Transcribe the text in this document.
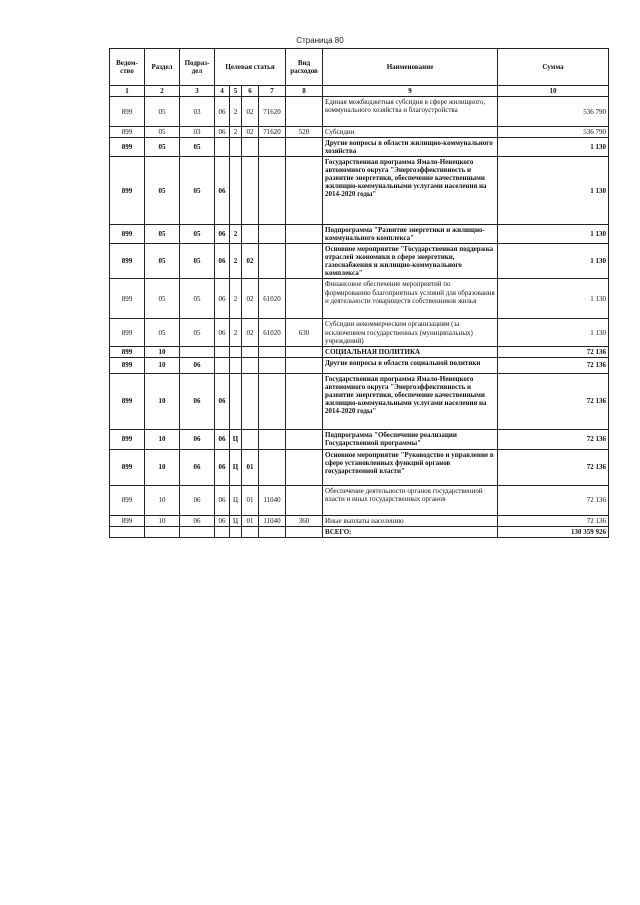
Страница 80
Ведом-ство	Раздел	Подраз-дел	Целевая статья				Вид расходов	Наименование	Сумма
1	2	3	4	5	6	7	8	9	10
899	05	03	06	2	02	71620		Единая межбюджетная субсидия в сфере жилищного, коммунального хозяйства и благоустройства	536 790
899	05	03	06	2	02	71620	520	Субсидии	536 790
899	05	05						Другие вопросы в области жилищно-коммунального хозяйства	1 130
899	05	05	06					Государственная программа Ямало-Ненецкого автономного округа "Энергоэффективность и развитие энергетики, обеспечение качественными жилищно-коммунальными услугами населения на 2014-2020 годы"	1 130
899	05	05	06	2				Подпрограмма "Развитие энергетики и жилищно-коммунального комплекса"	1 130
899	05	05	06	2	02			Основное мероприятие "Государственная поддержка отраслей экономики в сфере энергетики, газоснабжения и жилищно-коммунального комплекса"	1 130
899	05	05	06	2	02	61020		Финансовое обеспечение мероприятий по формированию благоприятных условий для образования и деятельности товариществ собственников жилья	1 130
899	05	05	06	2	02	61020	630	Субсидии некоммерческим организациям (за исключением государственных (муниципальных) учреждений)	1 130
899	10							СОЦИАЛЬНАЯ ПОЛИТИКА	72 136
899	10	06						Другие вопросы в области социальной политики	72 136
899	10	06	06					Государственная программа Ямало-Ненецкого автономного округа "Энергоэффективность и развитие энергетики, обеспечение качественными жилищно-коммунальными услугами населения на 2014-2020 годы"	72 136
899	10	06	06	Ц				Подпрограмма "Обеспечение реализации Государственной программы"	72 136
899	10	06	06	Ц	01			Основное мероприятие "Руководство и управление в сфере установленных функций органов государственной власти"	72 136
899	10	06	06	Ц	01	11040		Обеспечение деятельности органов государственной власти и иных государственных органов	72 136
899	10	06	06	Ц	01	11040	360	Иные выплаты населению	72 136
								ВСЕГО:	130 359 926
